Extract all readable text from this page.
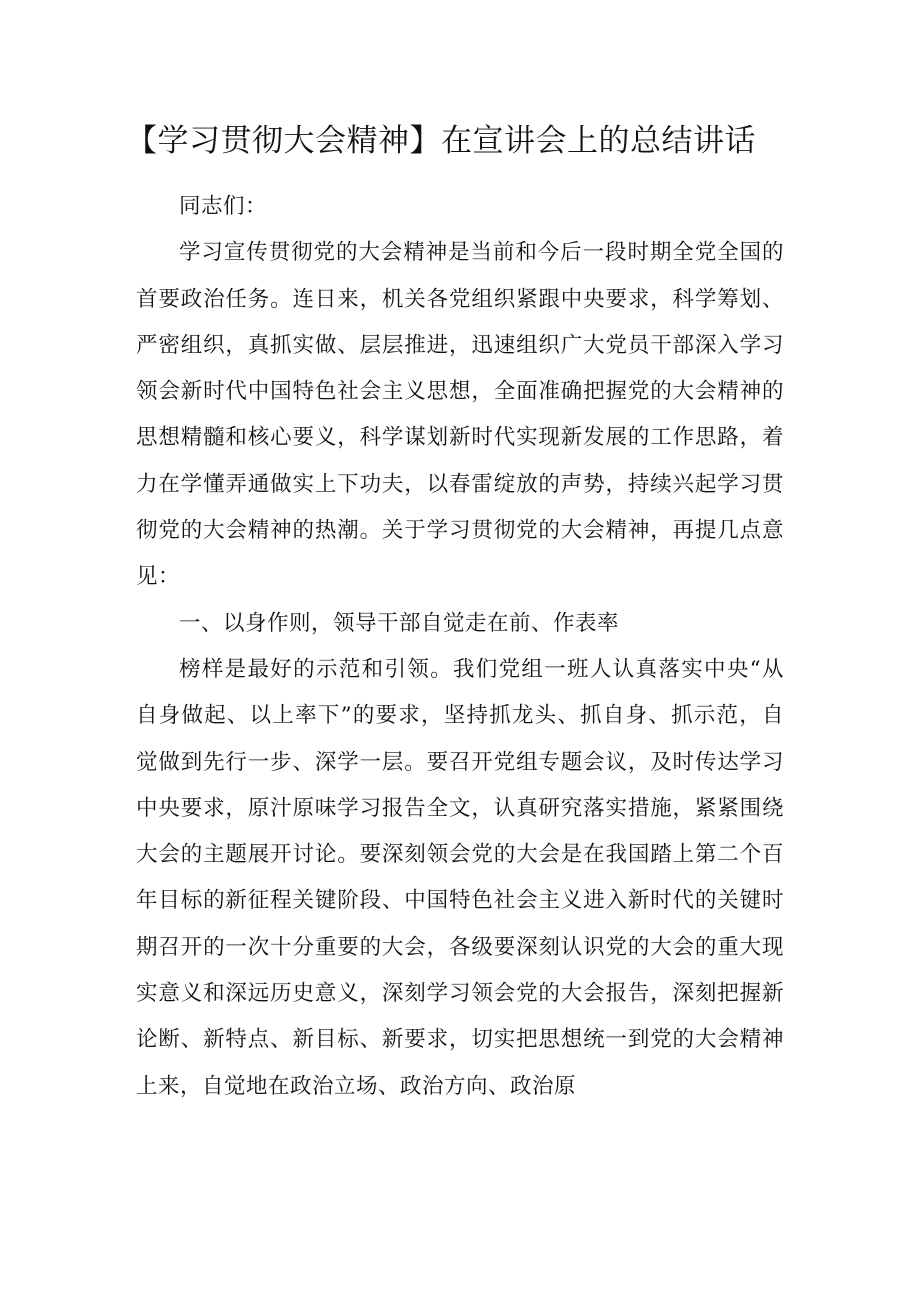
【学习贯彻大会精神】在宣讲会上的总结讲话

同志们：

学习宣传贯彻党的大会精神是当前和今后一段时期全党全国的首要政治任务。连日来，机关各党组织紧跟中央要求，科学筹划、严密组织，真抓实做、层层推进，迅速组织广大党员干部深入学习领会新时代中国特色社会主义思想，全面准确把握党的大会精神的思想精髓和核心要义，科学谋划新时代实现新发展的工作思路，着力在学懂弄通做实上下功夫，以春雷绽放的声势，持续兴起学习贯彻党的大会精神的热潮。关于学习贯彻党的大会精神，再提几点意见：

一、以身作则，领导干部自觉走在前、作表率

榜样是最好的示范和引领。我们党组一班人认真落实中央“从自身做起、以上率下”的要求，坚持抓龙头、抓自身、抓示范，自觉做到先行一步、深学一层。要召开党组专题会议，及时传达学习中央要求，原汁原味学习报告全文，认真研究落实措施，紧紧围绕大会的主题展开讨论。要深刻领会党的大会是在我国踏上第二个百年目标的新征程关键阶段、中国特色社会主义进入新时代的关键时期召开的一次十分重要的大会，各级要深刻认识党的大会的重大现实意义和深远历史意义，深刻学习领会党的大会报告，深刻把握新论断、新特点、新目标、新要求，切实把思想统一到党的大会精神上来，自觉地在政治立场、政治方向、政治原
